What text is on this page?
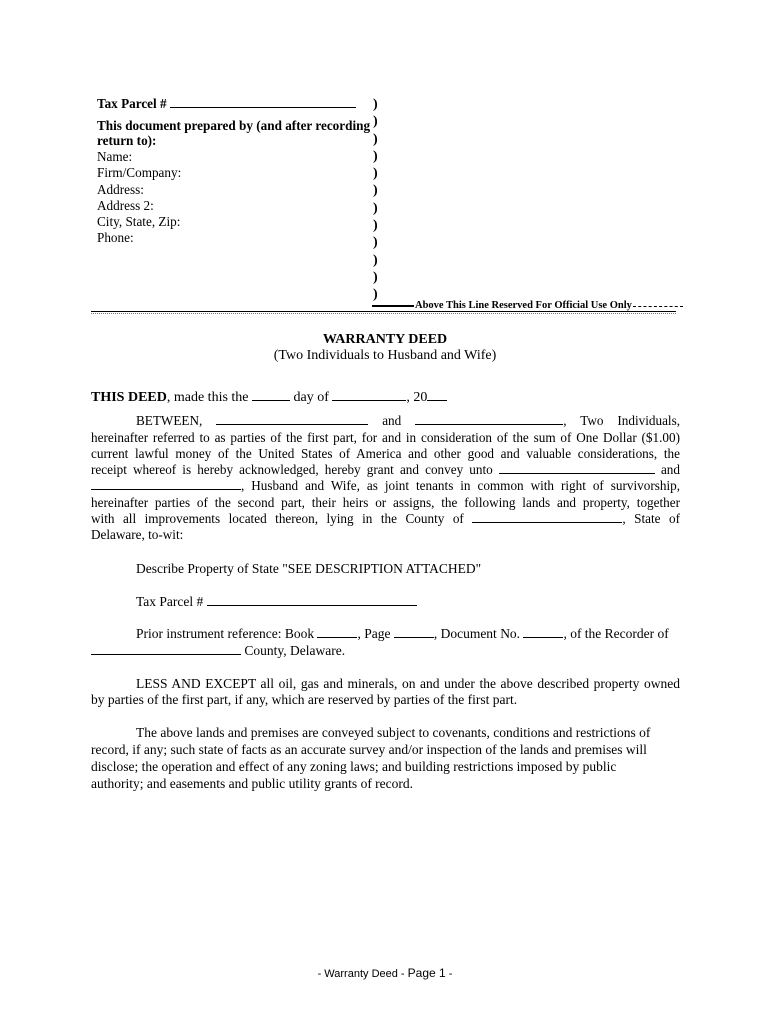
Tax Parcel #
This document prepared by (and after recording
return to):
Name:
Firm/Company:
Address:
Address 2:
City, State, Zip:
Phone:
)
)
)
)
)
)
)
)
)
)
)
)
Above This Line Reserved For Official Use Only
WARRANTY DEED
(Two Individuals to Husband and Wife)
THIS DEED, made this the	day of	, 20
BETWEEN,	and	, Two Individuals,
hereinafter referred to as parties of the first part, for and in consideration of the sum of One Dollar ($1.00)
current lawful money of the United States of America and other good and valuable considerations, the
receipt whereof is hereby acknowledged, hereby grant and convey unto	and
, Husband and Wife, as joint tenants in common with right of survivorship,
hereinafter parties of the second part, their heirs or assigns, the following lands and property, together
with all improvements located thereon, lying in the County of	, State of
Delaware, to-wit:
Describe Property of State "SEE DESCRIPTION ATTACHED"
Tax Parcel #
Prior instrument reference: Book	, Page	, Document No.	, of the Recorder of
County, Delaware.
LESS AND EXCEPT all oil, gas and minerals, on and under the above described property owned
by parties of the first part, if any, which are reserved by parties of the first part.
The above lands and premises are conveyed subject to covenants, conditions and restrictions of
record, if any; such state of facts as an accurate survey and/or inspection of the lands and premises will
disclose; the operation and effect of any zoning laws; and building restrictions imposed by public
authority; and easements and public utility grants of record.
- Warranty Deed - Page 1 -
